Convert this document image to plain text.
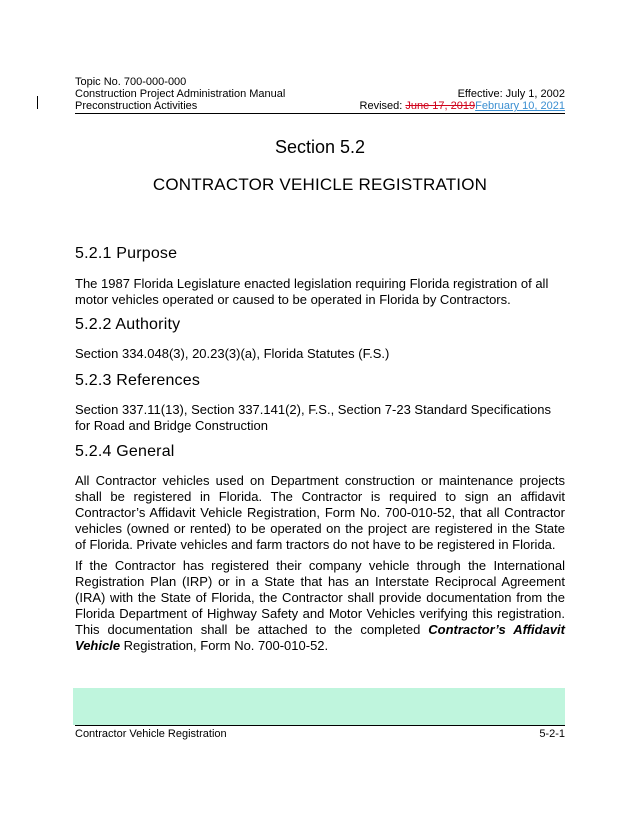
Topic No. 700-000-000
Construction Project Administration Manual	Effective: July 1, 2002
Preconstruction Activities	Revised: June 17, 2019February 10, 2021
Section 5.2
CONTRACTOR VEHICLE REGISTRATION
5.2.1 Purpose
The 1987 Florida Legislature enacted legislation requiring Florida registration of all motor vehicles operated or caused to be operated in Florida by Contractors.
5.2.2 Authority
Section 334.048(3), 20.23(3)(a), Florida Statutes (F.S.)
5.2.3 References
Section 337.11(13), Section 337.141(2), F.S., Section 7-23 Standard Specifications for Road and Bridge Construction
5.2.4 General
All Contractor vehicles used on Department construction or maintenance projects shall be registered in Florida. The Contractor is required to sign an affidavit Contractor’s Affidavit Vehicle Registration, Form No. 700-010-52, that all Contractor vehicles (owned or rented) to be operated on the project are registered in the State of Florida. Private vehicles and farm tractors do not have to be registered in Florida.
If the Contractor has registered their company vehicle through the International Registration Plan (IRP) or in a State that has an Interstate Reciprocal Agreement (IRA) with the State of Florida, the Contractor shall provide documentation from the Florida Department of Highway Safety and Motor Vehicles verifying this registration. This documentation shall be attached to the completed Contractor’s Affidavit Vehicle Registration, Form No. 700-010-52.
Contractor Vehicle Registration	5-2-1
